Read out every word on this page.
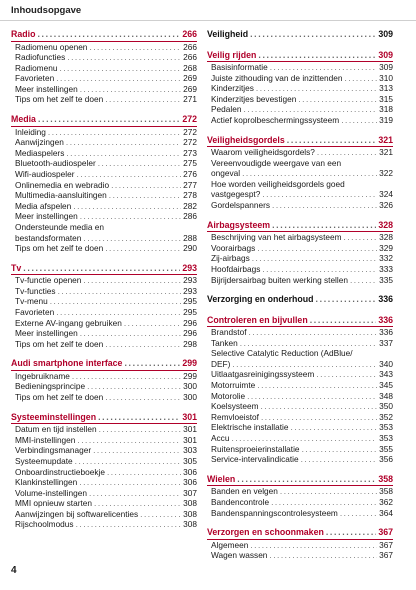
Inhoudsopgave
Radio . . .	266
Radiomenu openen . . .	266
Radiofuncties . . .	266
Radiomenu . . .	268
Favorieten . . .	269
Meer instellingen . . .	269
Tips om het zelf te doen . . .	271
Media . . .	272
Inleiding . . .	272
Aanwijzingen . . .	272
Mediaspelers . . .	273
Bluetooth-audiospeler . . .	275
Wifi-audiospeler . . .	276
Onlinemedia en webradio . . .	277
Multimedia-aansluitingen . . .	278
Media afspelen . . .	282
Meer instellingen . . .	286
Ondersteunde media en
bestandsformaten . . .	288
Tips om het zelf te doen . . .	290
Tv . . .	293
Tv-functie openen . . .	293
Tv-functies . . .	293
Tv-menu . . .	295
Favorieten . . .	295
Externe AV-ingang gebruiken . . .	296
Meer instellingen . . .	296
Tips om het zelf te doen . . .	298
Audi smartphone interface . . .	299
Ingebruikname . . .	299
Bedieningsprincipe . . .	300
Tips om het zelf te doen . . .	300
Systeeminstellingen . . .	301
Datum en tijd instellen . . .	301
MMI-instellingen . . .	301
Verbindingsmanager . . .	303
Systeemupdate . . .	305
Onboardinstructieboekje . . .	306
Klankinstellingen . . .	306
Volume-instellingen . . .	307
MMI opnieuw starten . . .	308
Aanwijzingen bij softwarelicenties . . .	308
Rijschoolmodus . . .	308
Veiligheid . . .	309
Veilig rijden . . .	309
Basisinformatie . . .	309
Juiste zithouding van de inzittenden . . .	310
Kinderzitjes . . .	313
Kinderzitjes bevestigen . . .	315
Pedalen . . .	318
Actief koprolbeschermingssysteem . . .	319
Veiligheidsgordels . . .	321
Waarom veiligheidsgordels? . . .	321
Vereenvoudigde weergave van een
ongeval . . .	322
Hoe worden veiligheidsgordels goed
vastgegespt? . . .	324
Gordelspanners . . .	326
Airbagsysteem . . .	328
Beschrijving van het airbagsysteem . . .	328
Voorairbags . . .	329
Zij-airbags . . .	332
Hoofdairbags . . .	333
Bijrijdersairbag buiten werking stellen . . .	335
Verzorging en onderhoud . . .	336
Controleren en bijvullen . . .	336
Brandstof . . .	336
Tanken . . .	337
Selective Catalytic Reduction (AdBlue/
DEF) . . .	340
Uitlaatgasreinigingssysteem . . .	343
Motorruimte . . .	345
Motorolie . . .	348
Koelsysteem . . .	350
Remvloeistof . . .	352
Elektrische installatie . . .	353
Accu . . .	353
Ruitensproeierinstallatie . . .	355
Service-intervalindicatie . . .	356
Wielen . . .	358
Banden en velgen . . .	358
Bandencontrole . . .	362
Bandenspanningscontrolesysteem . . .	364
Verzorgen en schoonmaken . . .	367
Algemeen . . .	367
Wagen wassen . . .	367
4
